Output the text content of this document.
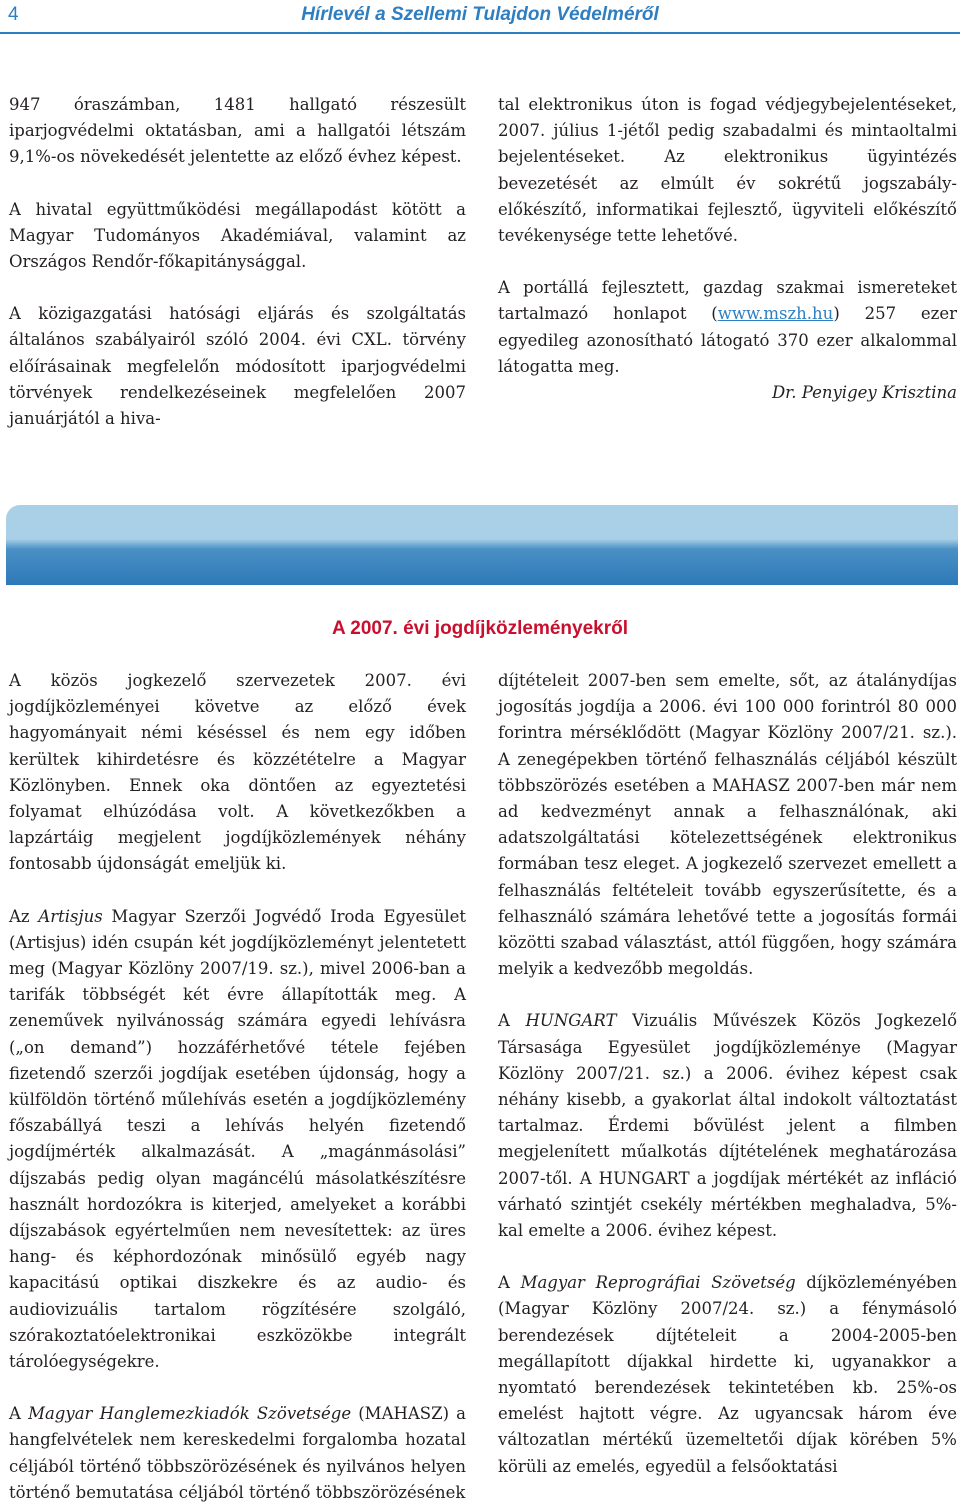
4	Hírlevél a Szellemi Tulajdon Védelméről

947 óraszámban, 1481 hallgató részesült iparjogvédelmi oktatásban, ami a hallgatói létszám 9,1%-os növekedését jelentette az előző évhez képest.

A hivatal együttműködési megállapodást kötött a Magyar Tudományos Akadémiával, valamint az Országos Rendőr-főkapitánysággal.

A közigazgatási hatósági eljárás és szolgáltatás általános szabályairól szóló 2004. évi CXL. törvény előírásainak megfelelőn módosított iparjogvédelmi törvények rendelkezéseinek megfelelően 2007 januárjától a hiva-

tal elektronikus úton is fogad védjegybejelentéseket, 2007. július 1-jétől pedig szabadalmi és mintaoltalmi bejelentéseket. Az elektronikus ügyintézés bevezetését az elmúlt év sokrétű jogszabály-előkészítő, informatikai fejlesztő, ügyviteli előkészítő tevékenysége tette lehetővé.

A portállá fejlesztett, gazdag szakmai ismereteket tartalmazó honlapot (www.mszh.hu) 257 ezer egyedileg azonosítható látogató 370 ezer alkalommal látogatta meg.

Dr. Penyigey Krisztina

A 2007. évi jogdíjközleményekről

A közös jogkezelő szervezetek 2007. évi jogdíjközleményei követve az előző évek hagyományait némi késéssel és nem egy időben kerültek kihirdetésre és közzétételre a Magyar Közlönyben. Ennek oka döntően az egyeztetési folyamat elhúzódása volt. A következőkben a lapzártáig megjelent jogdíjközlemények néhány fontosabb újdonságát emeljük ki.

Az Artisjus Magyar Szerzői Jogvédő Iroda Egyesület (Artisjus) idén csupán két jogdíjközleményt jelentetett meg (Magyar Közlöny 2007/19. sz.), mivel 2006-ban a tarifák többségét két évre állapították meg. A zeneművek nyilvánosság számára egyedi lehívásra („on demand”) hozzáférhetővé tétele fejében fizetendő szerzői jogdíjak esetében újdonság, hogy a külföldön történő műlehívás esetén a jogdíjközlemény főszabállyá teszi a lehívás helyén fizetendő jogdíjmérték alkalmazását. A „magánmásolási” díjszabás pedig olyan magáncélú másolatkészítésre használt hordozókra is kiterjed, amelyeket a korábbi díjszabások egyértelműen nem nevesítettek: az üres hang- és képhordozónak minősülő egyéb nagy kapacitású optikai diszkekre és az audio- és audiovizuális tartalom rögzítésére szolgáló, szórakoztatóelektronikai eszközökbe integrált tárolóegységekre.

A Magyar Hanglemezkiadók Szövetsége (MAHASZ) a hangfelvételek nem kereskedelmi forgalomba hozatal céljából történő többszörözésének és nyilvános helyen történő bemutatása céljából történő többszörözésének

díjtételeit 2007-ben sem emelte, sőt, az átalánydíjas jogosítás jogdíja a 2006. évi 100 000 forintról 80 000 forintra mérséklődött (Magyar Közlöny 2007/21. sz.). A zenegépekben történő felhasználás céljából készült többszörözés esetében a MAHASZ 2007-ben már nem ad kedvezményt annak a felhasználónak, aki adatszolgáltatási kötelezettségének elektronikus formában tesz eleget. A jogkezelő szervezet emellett a felhasználás feltételeit tovább egyszerűsítette, és a felhasználó számára lehetővé tette a jogosítás formái közötti szabad választást, attól függően, hogy számára melyik a kedvezőbb megoldás.

A HUNGART Vizuális Művészek Közös Jogkezelő Társasága Egyesület jogdíjközleménye (Magyar Közlöny 2007/21. sz.) a 2006. évihez képest csak néhány kisebb, a gyakorlat által indokolt változtatást tartalmaz. Érdemi bővülést jelent a filmben megjelenített műalkotás díjtételének meghatározása 2007-től. A HUNGART a jogdíjak mértékét az infláció várható szintjét csekély mértékben meghaladva, 5%-kal emelte a 2006. évihez képest.

A Magyar Reprográfiai Szövetség díjközleményében (Magyar Közlöny 2007/24. sz.) a fénymásoló berendezések díjtételeit a 2004-2005-ben megállapított díjakkal hirdette ki, ugyanakkor a nyomtató berendezések tekintetében kb. 25%-os emelést hajtott végre. Az ugyancsak három éve változatlan mértékű üzemeltetői díjak körében 5% körüli az emelés, egyedül a felsőoktatási
